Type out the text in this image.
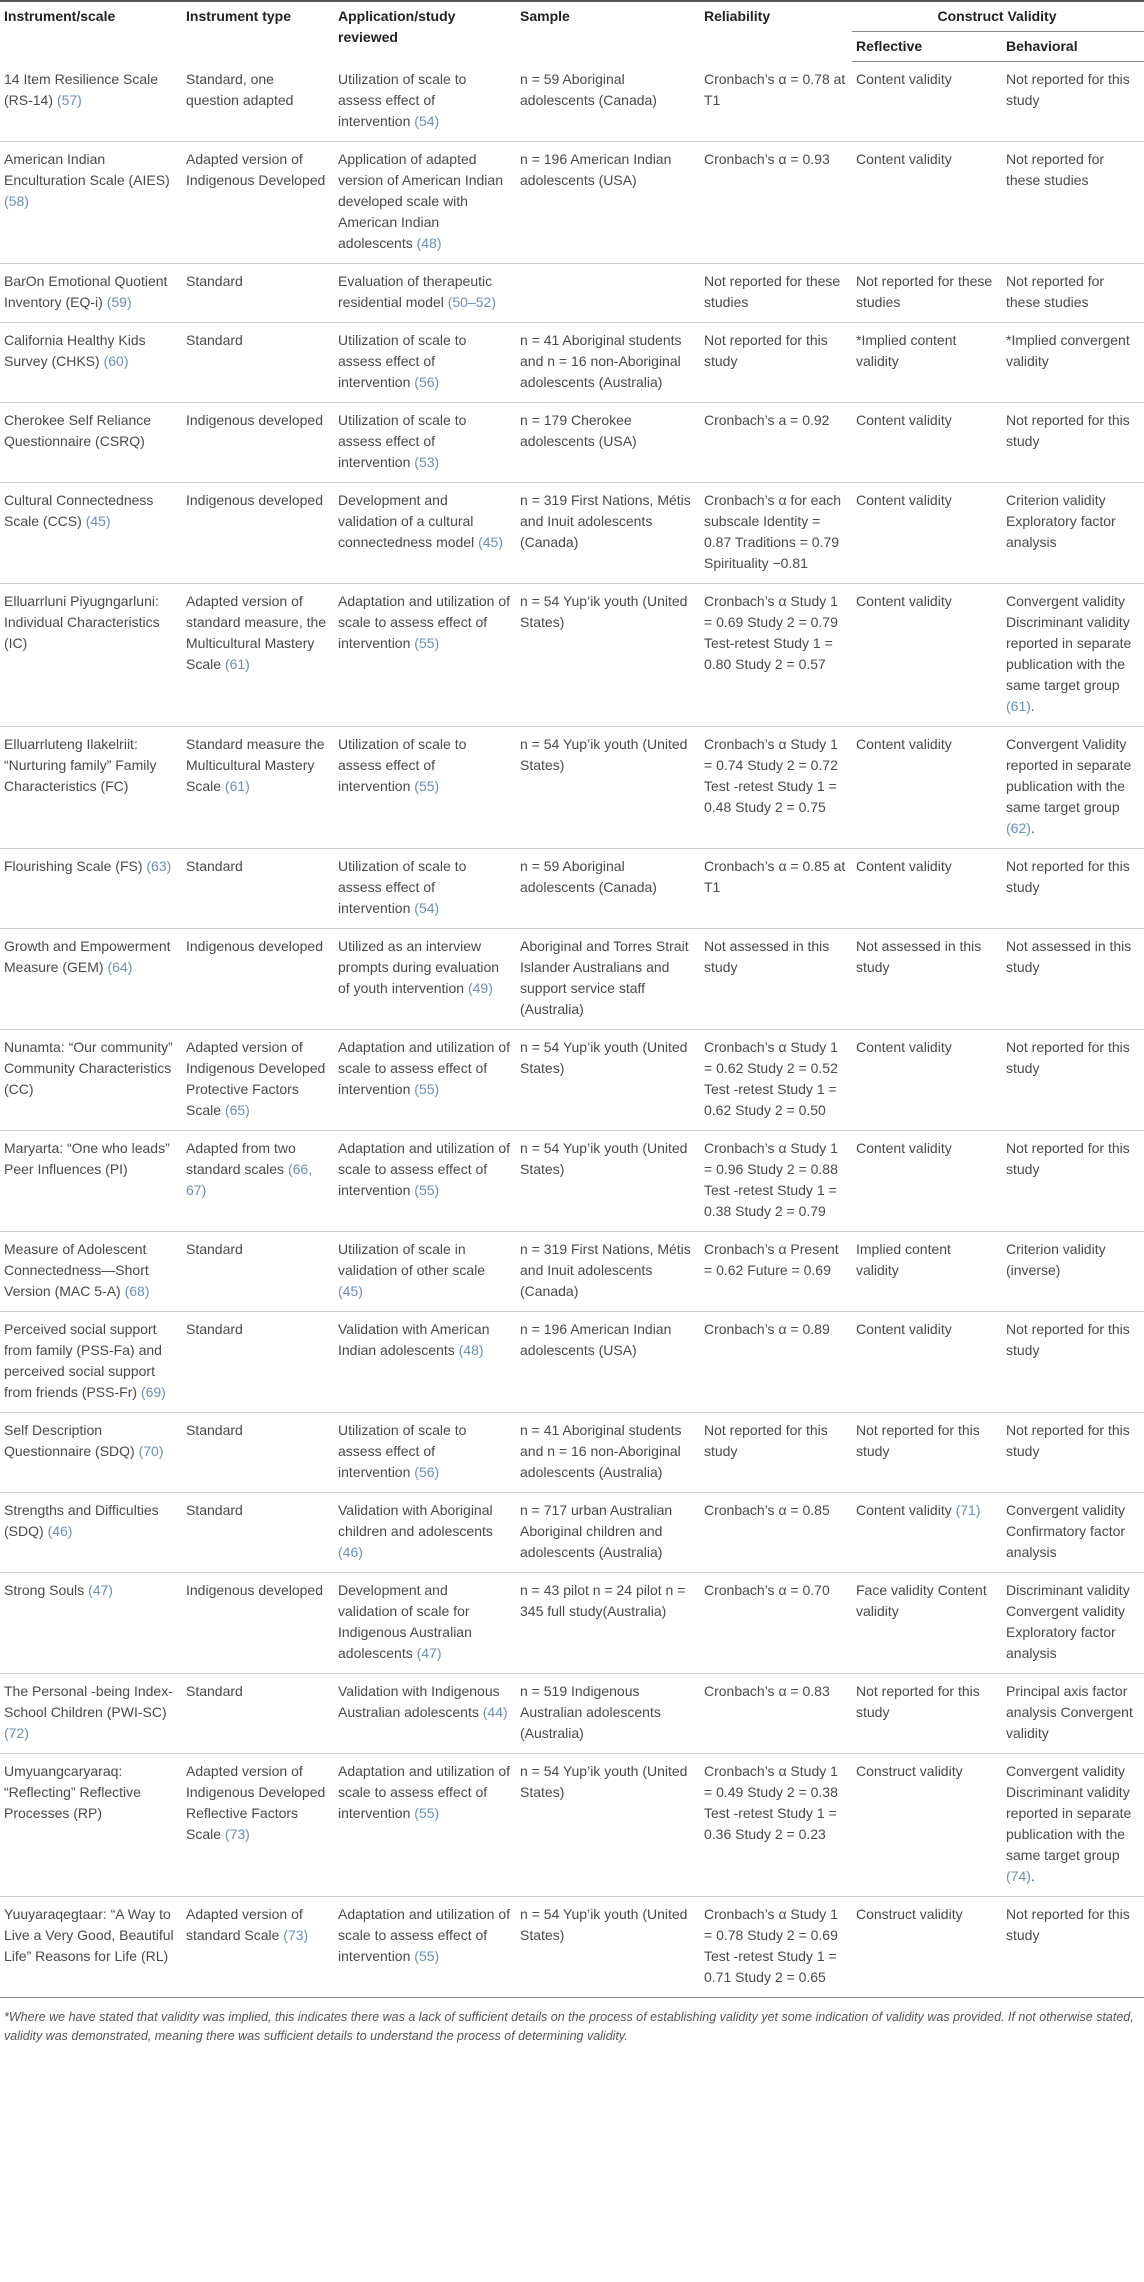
Instrument/scale	Instrument type	Application/study reviewed	Sample	Reliability	Construct Validity	
					Reflective	Behavioral
14 Item Resilience Scale (RS-14) (57)	Standard, one question adapted	Utilization of scale to assess effect of intervention (54)	n = 59 Aboriginal adolescents (Canada)	Cronbach’s α = 0.78 at T1	Content validity	Not reported for this study
American Indian Enculturation Scale (AIES) (58)	Adapted version of Indigenous Developed	Application of adapted version of American Indian developed scale with American Indian adolescents (48)	n = 196 American Indian adolescents (USA)	Cronbach’s α = 0.93	Content validity	Not reported for these studies
BarOn Emotional Quotient Inventory (EQ-i) (59)	Standard	Evaluation of therapeutic residential model (50–52)		Not reported for these studies	Not reported for these studies	Not reported for these studies
California Healthy Kids Survey (CHKS) (60)	Standard	Utilization of scale to assess effect of intervention (56)	n = 41 Aboriginal students and n = 16 non-Aboriginal adolescents (Australia)	Not reported for this study	*Implied content validity	*Implied convergent validity
Cherokee Self Reliance Questionnaire (CSRQ)	Indigenous developed	Utilization of scale to assess effect of intervention (53)	n = 179 Cherokee adolescents (USA)	Cronbach’s a = 0.92	Content validity	Not reported for this study
Cultural Connectedness Scale (CCS) (45)	Indigenous developed	Development and validation of a cultural connectedness model (45)	n = 319 First Nations, Métis and Inuit adolescents (Canada)	Cronbach’s α for each subscale Identity = 0.87 Traditions = 0.79 Spirituality −0.81	Content validity	Criterion validity Exploratory factor analysis
Elluarrluni Piyugngarluni: Individual Characteristics (IC)	Adapted version of standard measure, the Multicultural Mastery Scale (61)	Adaptation and utilization of scale to assess effect of intervention (55)	n = 54 Yup’ik youth (United States)	Cronbach’s α Study 1 = 0.69 Study 2 = 0.79 Test-retest Study 1 = 0.80 Study 2 = 0.57	Content validity	Convergent validity Discriminant validity reported in separate publication with the same target group (61).
Elluarrluteng Ilakelriit: “Nurturing family” Family Characteristics (FC)	Standard measure the Multicultural Mastery Scale (61)	Utilization of scale to assess effect of intervention (55)	n = 54 Yup’ik youth (United States)	Cronbach’s α Study 1 = 0.74 Study 2 = 0.72 Test -retest Study 1 = 0.48 Study 2 = 0.75	Content validity	Convergent Validity reported in separate publication with the same target group (62).
Flourishing Scale (FS) (63)	Standard	Utilization of scale to assess effect of intervention (54)	n = 59 Aboriginal adolescents (Canada)	Cronbach’s α = 0.85 at T1	Content validity	Not reported for this study
Growth and Empowerment Measure (GEM) (64)	Indigenous developed	Utilized as an interview prompts during evaluation of youth intervention (49)	Aboriginal and Torres Strait Islander Australians and support service staff (Australia)	Not assessed in this study	Not assessed in this study	Not assessed in this study
Nunamta: “Our community” Community Characteristics (CC)	Adapted version of Indigenous Developed Protective Factors Scale (65)	Adaptation and utilization of scale to assess effect of intervention (55)	n = 54 Yup’ik youth (United States)	Cronbach’s α Study 1 = 0.62 Study 2 = 0.52 Test -retest Study 1 = 0.62 Study 2 = 0.50	Content validity	Not reported for this study
Maryarta: “One who leads” Peer Influences (PI)	Adapted from two standard scales (66, 67)	Adaptation and utilization of scale to assess effect of intervention (55)	n = 54 Yup’ik youth (United States)	Cronbach’s α Study 1 = 0.96 Study 2 = 0.88 Test -retest Study 1 = 0.38 Study 2 = 0.79	Content validity	Not reported for this study
Measure of Adolescent Connectedness—Short Version (MAC 5-A) (68)	Standard	Utilization of scale in validation of other scale (45)	n = 319 First Nations, Métis and Inuit adolescents (Canada)	Cronbach’s α Present = 0.62 Future = 0.69	Implied content validity	Criterion validity (inverse)
Perceived social support from family (PSS-Fa) and perceived social support from friends (PSS-Fr) (69)	Standard	Validation with American Indian adolescents (48)	n = 196 American Indian adolescents (USA)	Cronbach’s α = 0.89	Content validity	Not reported for this study
Self Description Questionnaire (SDQ) (70)	Standard	Utilization of scale to assess effect of intervention (56)	n = 41 Aboriginal students and n = 16 non-Aboriginal adolescents (Australia)	Not reported for this study	Not reported for this study	Not reported for this study
Strengths and Difficulties (SDQ) (46)	Standard	Validation with Aboriginal children and adolescents (46)	n = 717 urban Australian Aboriginal children and adolescents (Australia)	Cronbach’s α = 0.85	Content validity (71)	Convergent validity Confirmatory factor analysis
Strong Souls (47)	Indigenous developed	Development and validation of scale for Indigenous Australian adolescents (47)	n = 43 pilot n = 24 pilot n = 345 full study(Australia)	Cronbach’s α = 0.70	Face validity Content validity	Discriminant validity Convergent validity Exploratory factor analysis
The Personal -being Index-School Children (PWI-SC) (72)	Standard	Validation with Indigenous Australian adolescents (44)	n = 519 Indigenous Australian adolescents (Australia)	Cronbach’s α = 0.83	Not reported for this study	Principal axis factor analysis Convergent validity
Umyuangcaryaraq: “Reflecting” Reflective Processes (RP)	Adapted version of Indigenous Developed Reflective Factors Scale (73)	Adaptation and utilization of scale to assess effect of intervention (55)	n = 54 Yup’ik youth (United States)	Cronbach’s α Study 1 = 0.49 Study 2 = 0.38 Test -retest Study 1 = 0.36 Study 2 = 0.23	Construct validity	Convergent validity Discriminant validity reported in separate publication with the same target group (74).
Yuuyaraqegtaar: “A Way to Live a Very Good, Beautiful Life” Reasons for Life (RL)	Adapted version of standard Scale (73)	Adaptation and utilization of scale to assess effect of intervention (55)	n = 54 Yup’ik youth (United States)	Cronbach’s α Study 1 = 0.78 Study 2 = 0.69 Test -retest Study 1 = 0.71 Study 2 = 0.65	Construct validity	Not reported for this study
*Where we have stated that validity was implied, this indicates there was a lack of sufficient details on the process of establishing validity yet some indication of validity was provided. If not otherwise stated, validity was demonstrated, meaning there was sufficient details to understand the process of determining validity.
